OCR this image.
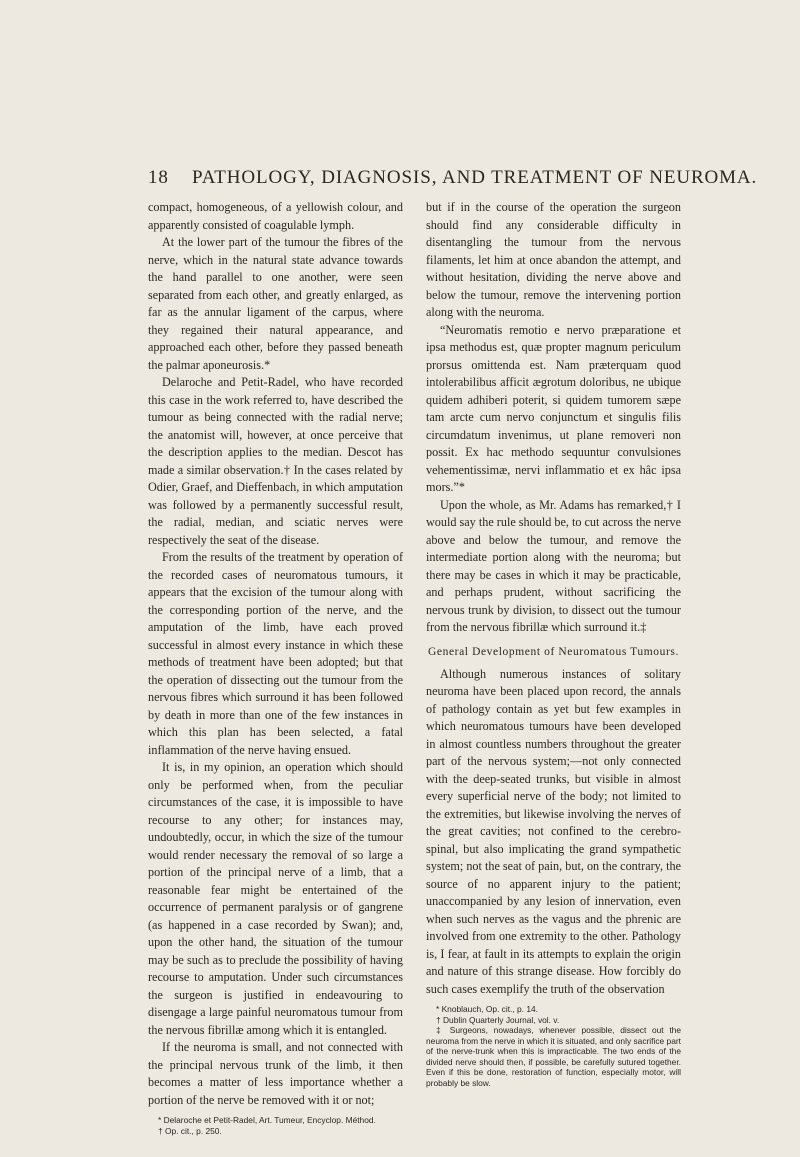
18 PATHOLOGY, DIAGNOSIS, AND TREATMENT OF NEUROMA.

compact, homogeneous, of a yellowish colour, and apparently consisted of coagulable lymph.

At the lower part of the tumour the fibres of the nerve, which in the natural state advance towards the hand parallel to one another, were seen separated from each other, and greatly enlarged, as far as the annular ligament of the carpus, where they regained their natural appearance, and approached each other, before they passed beneath the palmar aponeurosis.*

Delaroche and Petit-Radel, who have recorded this case in the work referred to, have described the tumour as being connected with the radial nerve; the anatomist will, however, at once perceive that the description applies to the median. Descot has made a similar observation.† In the cases related by Odier, Graef, and Dieffenbach, in which amputation was followed by a permanently successful result, the radial, median, and sciatic nerves were respectively the seat of the disease.

From the results of the treatment by operation of the recorded cases of neuromatous tumours, it appears that the excision of the tumour along with the corresponding portion of the nerve, and the amputation of the limb, have each proved successful in almost every instance in which these methods of treatment have been adopted; but that the operation of dissecting out the tumour from the nervous fibres which surround it has been followed by death in more than one of the few instances in which this plan has been selected, a fatal inflammation of the nerve having ensued.

It is, in my opinion, an operation which should only be performed when, from the peculiar circumstances of the case, it is impossible to have recourse to any other; for instances may, undoubtedly, occur, in which the size of the tumour would render necessary the removal of so large a portion of the principal nerve of a limb, that a reasonable fear might be entertained of the occurrence of permanent paralysis or of gangrene (as happened in a case recorded by Swan); and, upon the other hand, the situation of the tumour may be such as to preclude the possibility of having recourse to amputation. Under such circumstances the surgeon is justified in endeavouring to disengage a large painful neuromatous tumour from the nervous fibrillæ among which it is entangled.

If the neuroma is small, and not connected with the principal nervous trunk of the limb, it then becomes a matter of less importance whether a portion of the nerve be removed with it or not;

* Delaroche et Petit-Radel, Art. Tumeur, Encyclop. Méthod.

† Op. cit., p. 250.

but if in the course of the operation the surgeon should find any considerable difficulty in disentangling the tumour from the nervous filaments, let him at once abandon the attempt, and without hesitation, dividing the nerve above and below the tumour, remove the intervening portion along with the neuroma.

“Neuromatis remotio e nervo præparatione et ipsa methodus est, quæ propter magnum periculum prorsus omittenda est. Nam præterquam quod intolerabilibus afficit ægrotum doloribus, ne ubique quidem adhiberi poterit, si quidem tumorem sæpe tam arcte cum nervo conjunctum et singulis filis circumdatum invenimus, ut plane removeri non possit. Ex hac methodo sequuntur convulsiones vehementissimæ, nervi inflammatio et ex hâc ipsa mors.”*

Upon the whole, as Mr. Adams has remarked,† I would say the rule should be, to cut across the nerve above and below the tumour, and remove the intermediate portion along with the neuroma; but there may be cases in which it may be practicable, and perhaps prudent, without sacrificing the nervous trunk by division, to dissect out the tumour from the nervous fibrillæ which surround it.‡

General Development of Neuromatous Tumours.

Although numerous instances of solitary neuroma have been placed upon record, the annals of pathology contain as yet but few examples in which neuromatous tumours have been developed in almost countless numbers throughout the greater part of the nervous system;—not only connected with the deep-seated trunks, but visible in almost every superficial nerve of the body; not limited to the extremities, but likewise involving the nerves of the great cavities; not confined to the cerebro-spinal, but also implicating the grand sympathetic system; not the seat of pain, but, on the contrary, the source of no apparent injury to the patient; unaccompanied by any lesion of innervation, even when such nerves as the vagus and the phrenic are involved from one extremity to the other. Pathology is, I fear, at fault in its attempts to explain the origin and nature of this strange disease. How forcibly do such cases exemplify the truth of the observation

* Knoblauch, Op. cit., p. 14.

† Dublin Quarterly Journal, vol. v.

‡ Surgeons, nowadays, whenever possible, dissect out the neuroma from the nerve in which it is situated, and only sacrifice part of the nerve-trunk when this is impracticable. The two ends of the divided nerve should then, if possible, be carefully sutured together. Even if this be done, restoration of function, especially motor, will probably be slow.
